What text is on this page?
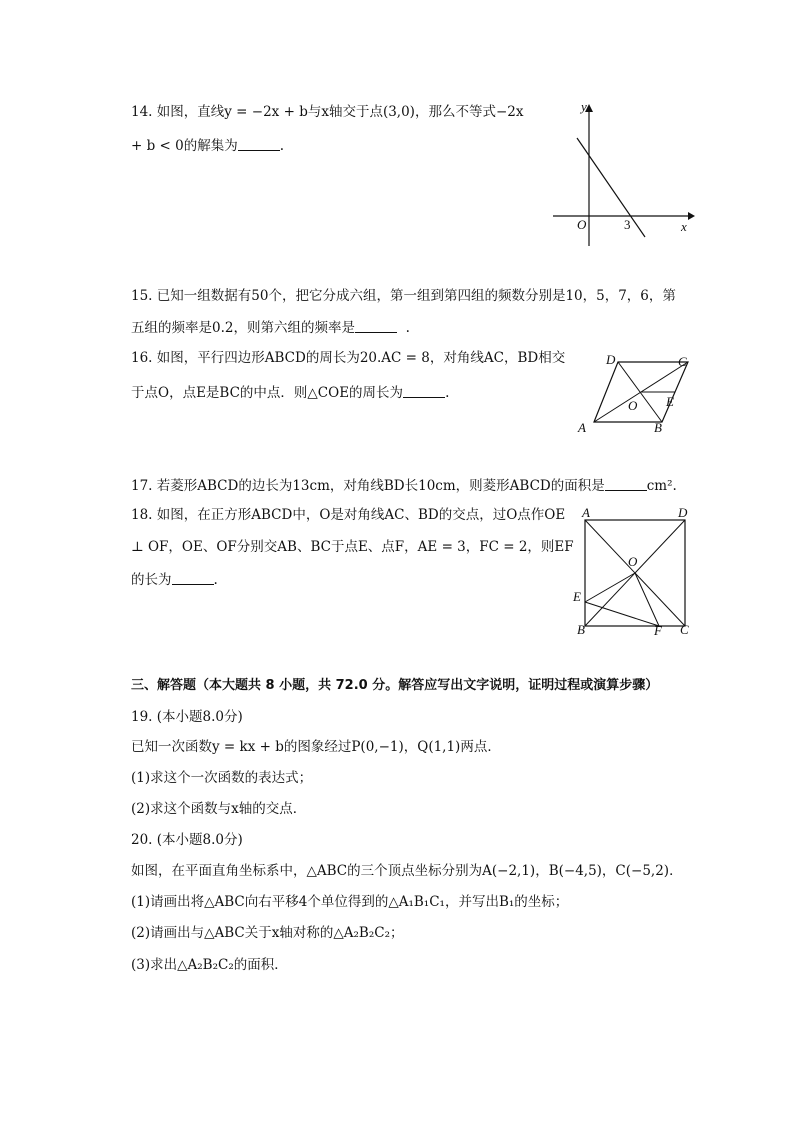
14. 如图，直线y = −2x + b与x轴交于点(3,0)，那么不等式−2x
+ b < 0的解集为	.
y
x
O	3
15. 已知一组数据有50个，把它分成六组，第一组到第四组的频数分别是10，5，7，6，第
五组的频率是0.2，则第六组的频率是	.
16. 如图，平行四边形ABCD的周长为20.AC = 8，对角线AC，BD相交
于点O，点E是BC的中点．则△COE的周长为	.
D	C
A	B
O E
17. 若菱形ABCD的边长为13cm，对角线BD长10cm，则菱形ABCD的面积是	cm².
18. 如图，在正方形ABCD中，O是对角线AC、BD的交点，过O点作OE
⊥ OF，OE、OF分别交AB、BC于点E、点F，AE = 3，FC = 2，则EF
的长为	.
A	D
O
E
B	F C
三、解答题（本大题共 8 小题，共 72.0 分。解答应写出文字说明，证明过程或演算步骤）
19. (本小题8.0分)
已知一次函数y = kx + b的图象经过P(0,−1)，Q(1,1)两点．
(1)求这个一次函数的表达式；
(2)求这个函数与x轴的交点．
20. (本小题8.0分)
如图，在平面直角坐标系中，△ABC的三个顶点坐标分别为A(−2,1)，B(−4,5)，C(−5,2)．
(1)请画出将△ABC向右平移4个单位得到的△A₁B₁C₁，并写出B₁的坐标；
(2)请画出与△ABC关于x轴对称的△A₂B₂C₂；
(3)求出△A₂B₂C₂的面积．
